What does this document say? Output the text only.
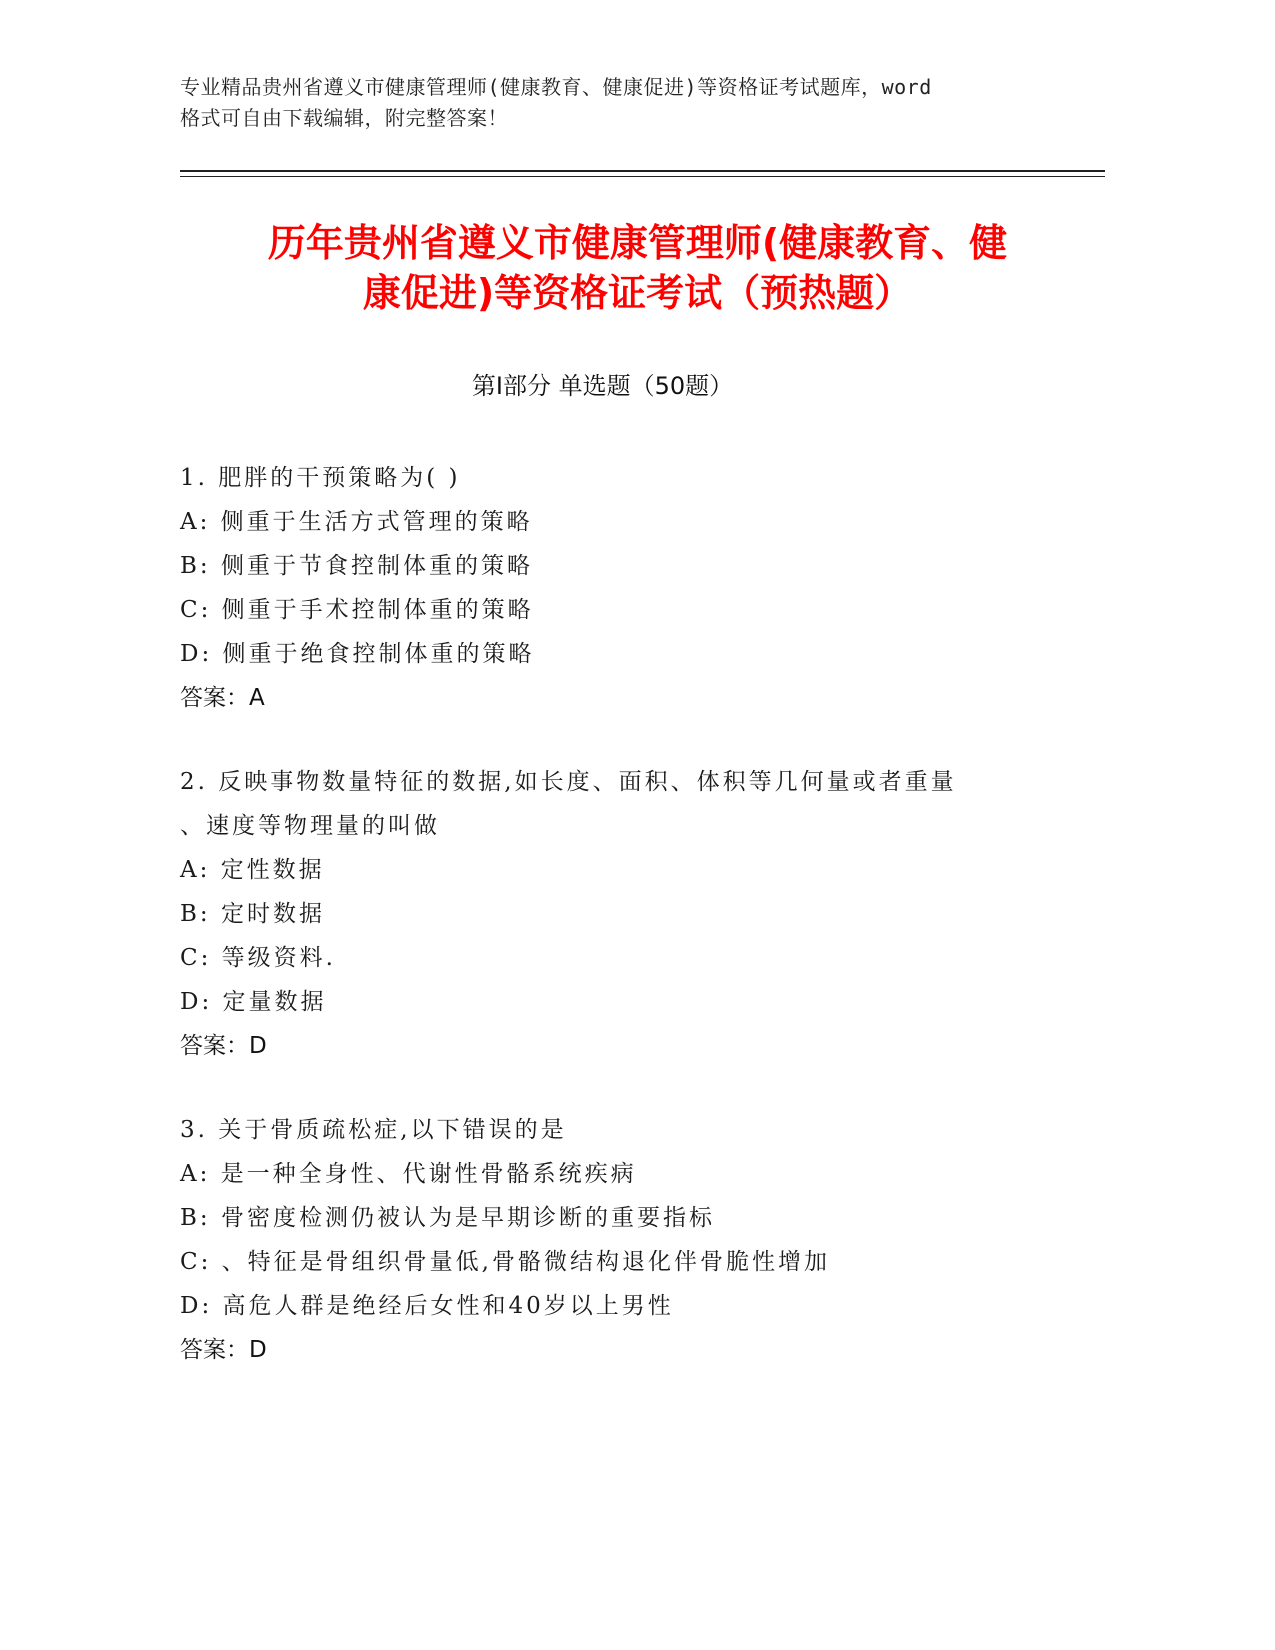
专业精品贵州省遵义市健康管理师(健康教育、健康促进)等资格证考试题库，word
格式可自由下载编辑，附完整答案！
历年贵州省遵义市健康管理师(健康教育、健
康促进)等资格证考试（预热题）
第Ⅰ部分 单选题（50题）
1. 肥胖的干预策略为( )
A: 侧重于生活方式管理的策略
B: 侧重于节食控制体重的策略
C: 侧重于手术控制体重的策略
D: 侧重于绝食控制体重的策略
答案：A
2. 反映事物数量特征的数据,如长度、面积、体积等几何量或者重量
、速度等物理量的叫做
A: 定性数据
B: 定时数据
C: 等级资料.
D: 定量数据
答案：D
3. 关于骨质疏松症,以下错误的是
A: 是一种全身性、代谢性骨骼系统疾病
B: 骨密度检测仍被认为是早期诊断的重要指标
C: 、特征是骨组织骨量低,骨骼微结构退化伴骨脆性增加
D: 高危人群是绝经后女性和40岁以上男性
答案：D
